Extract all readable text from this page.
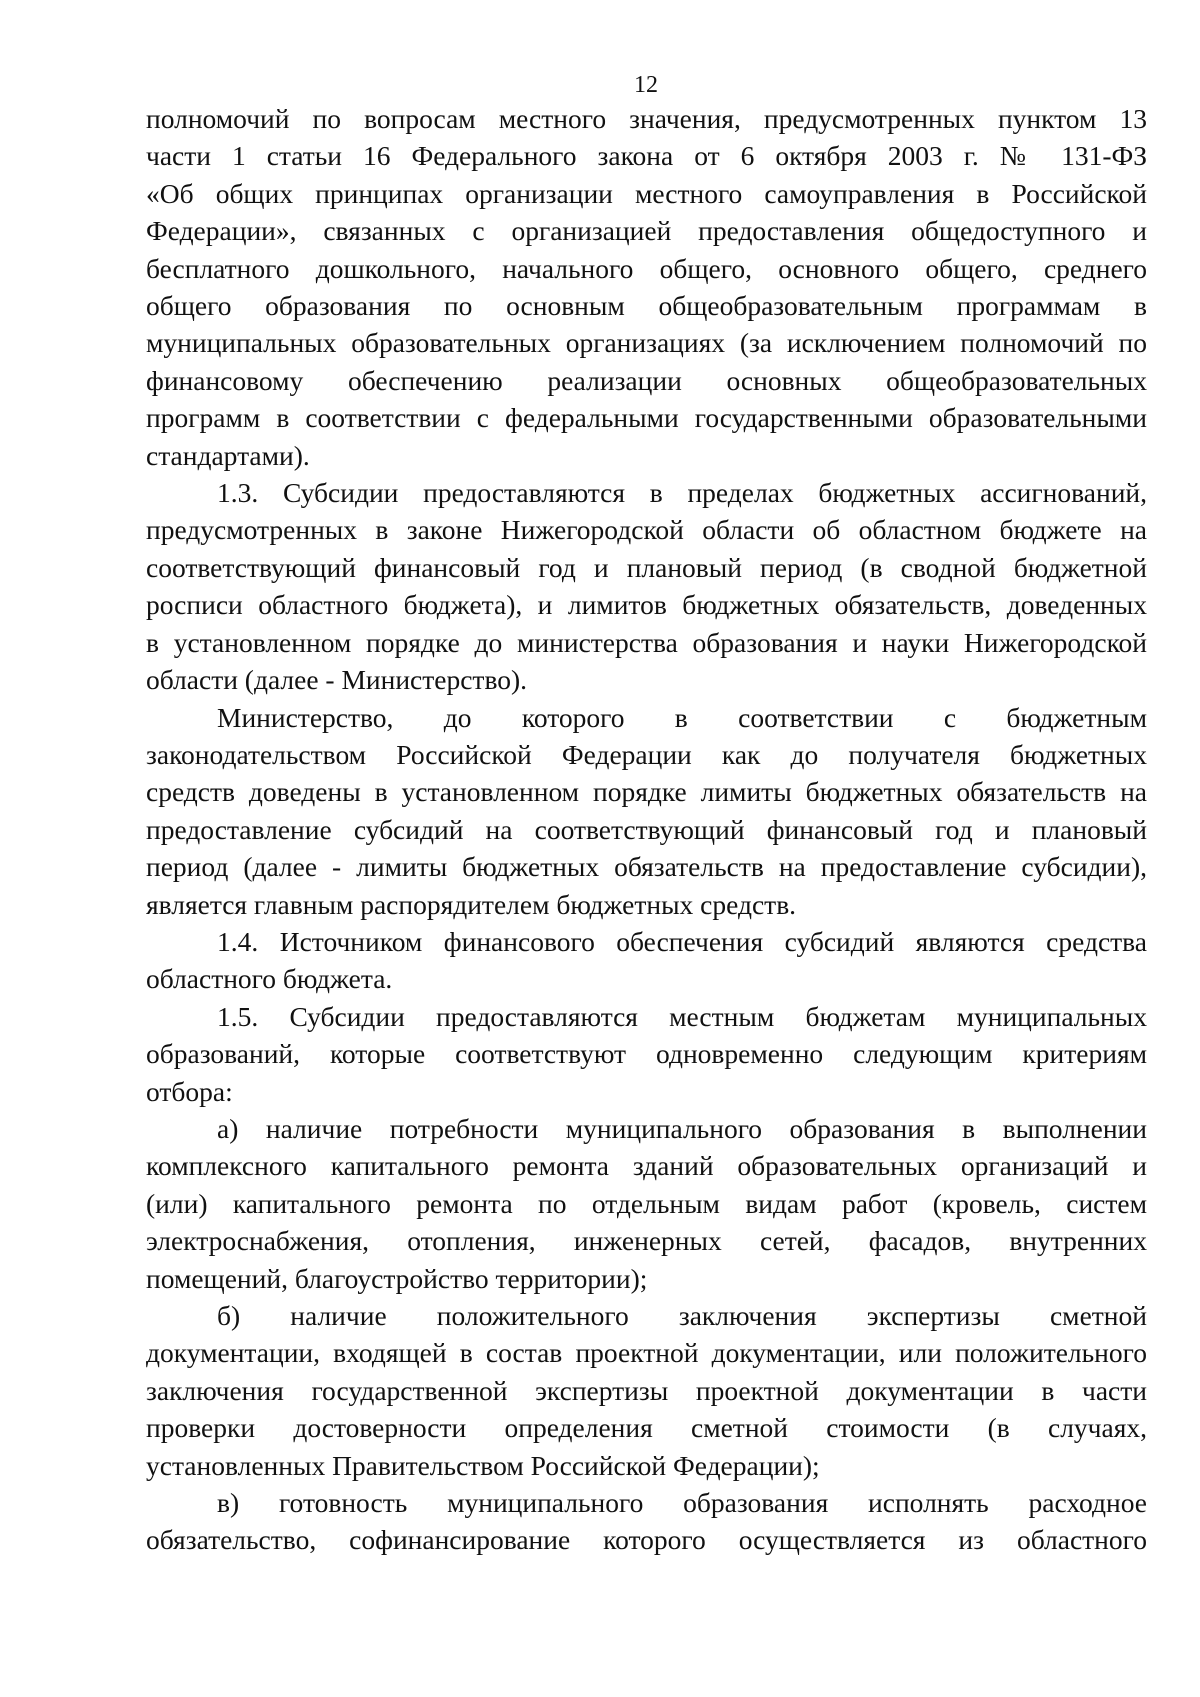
12
полномочий по вопросам местного значения, предусмотренных пунктом 13
части 1 статьи 16 Федерального закона от 6 октября 2003 г. № 131-ФЗ
«Об общих принципах организации местного самоуправления в Российской
Федерации», связанных с организацией предоставления общедоступного и
бесплатного дошкольного, начального общего, основного общего, среднего
общего образования по основным общеобразовательным программам в
муниципальных образовательных организациях (за исключением полномочий по
финансовому обеспечению реализации основных общеобразовательных
программ в соответствии с федеральными государственными образовательными
стандартами).
1.3. Субсидии предоставляются в пределах бюджетных ассигнований,
предусмотренных в законе Нижегородской области об областном бюджете на
соответствующий финансовый год и плановый период (в сводной бюджетной
росписи областного бюджета), и лимитов бюджетных обязательств, доведенных
в установленном порядке до министерства образования и науки Нижегородской
области (далее - Министерство).
Министерство, до которого в соответствии с бюджетным
законодательством Российской Федерации как до получателя бюджетных
средств доведены в установленном порядке лимиты бюджетных обязательств на
предоставление субсидий на соответствующий финансовый год и плановый
период (далее - лимиты бюджетных обязательств на предоставление субсидии),
является главным распорядителем бюджетных средств.
1.4. Источником финансового обеспечения субсидий являются средства
областного бюджета.
1.5. Субсидии предоставляются местным бюджетам муниципальных
образований, которые соответствуют одновременно следующим критериям
отбора:
а) наличие потребности муниципального образования в выполнении
комплексного капитального ремонта зданий образовательных организаций и
(или) капитального ремонта по отдельным видам работ (кровель, систем
электроснабжения, отопления, инженерных сетей, фасадов, внутренних
помещений, благоустройство территории);
б) наличие положительного заключения экспертизы сметной
документации, входящей в состав проектной документации, или положительного
заключения государственной экспертизы проектной документации в части
проверки достоверности определения сметной стоимости (в случаях,
установленных Правительством Российской Федерации);
в) готовность муниципального образования исполнять расходное
обязательство, софинансирование которого осуществляется из областного
